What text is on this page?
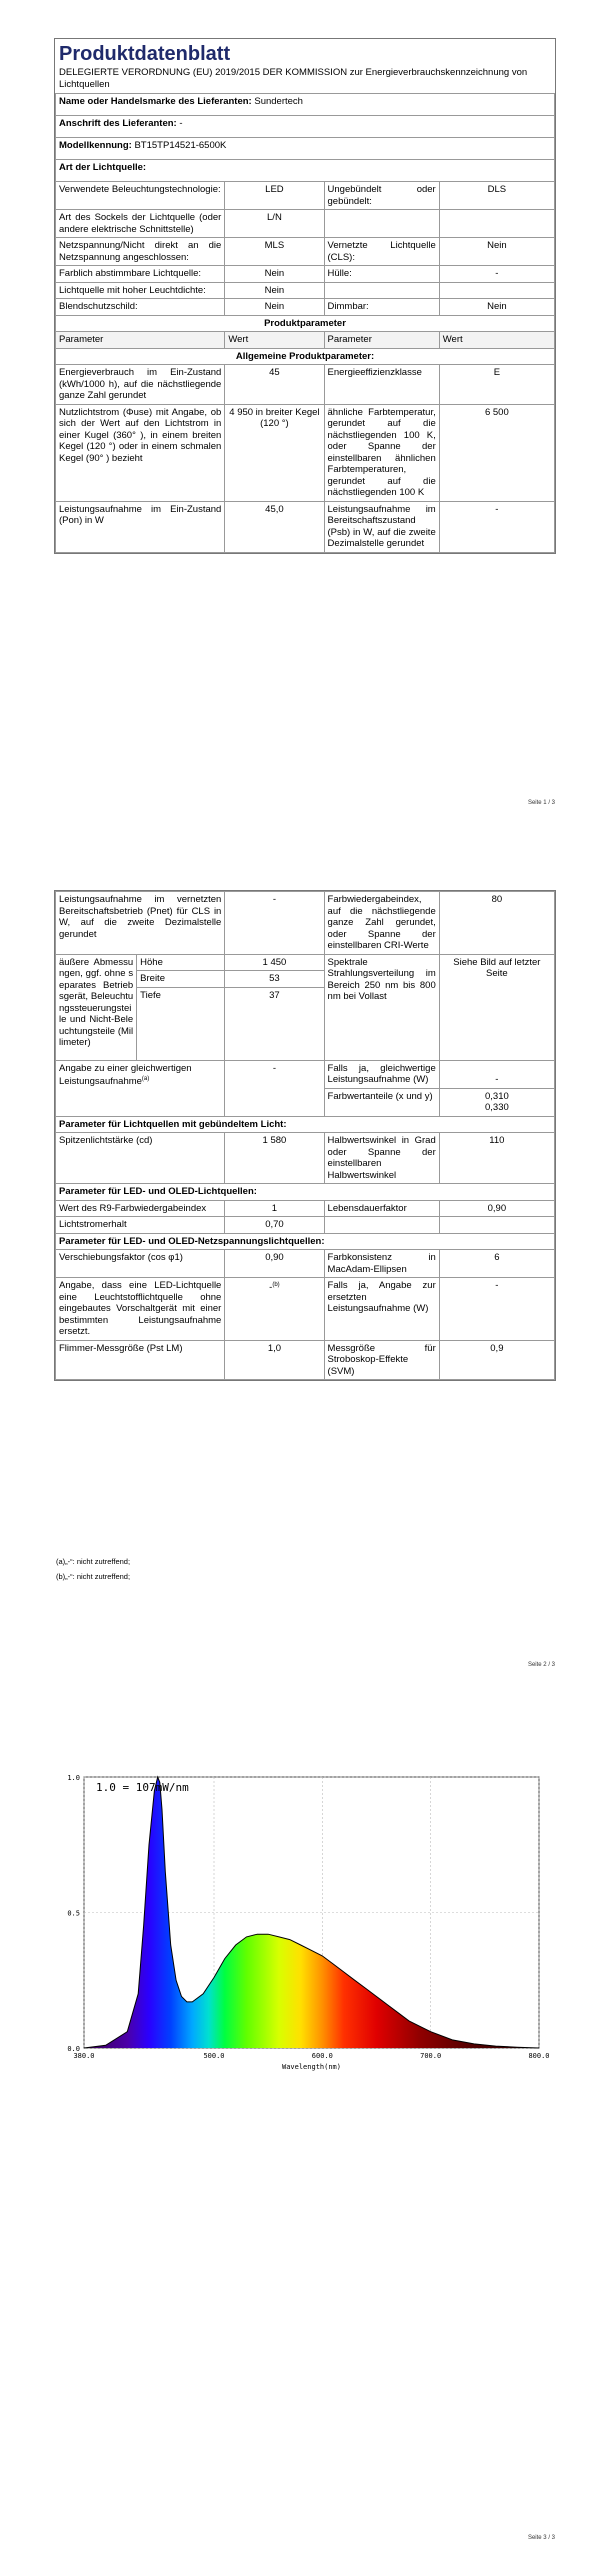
Produktdatenblatt
DELEGIERTE VERORDNUNG (EU) 2019/2015 DER KOMMISSION zur Energieverbrauchskennzeichnung von Lichtquellen
Name oder Handelsmarke des Lieferanten: Sundertech			
Anschrift des Lieferanten: -			
Modellkennung: BT15TP14521-6500K			
Art der Lichtquelle:			
Verwendete Beleuchtungstechnologie:	LED	Ungebündelt oder gebündelt:	DLS
Art des Sockels der Lichtquelle (oder andere elektrische Schnittstelle)	L/N		
Netzspannung/Nicht direkt an die Netzspannung angeschlossen:	MLS	Vernetzte Lichtquelle (CLS):	Nein
Farblich abstimmbare Lichtquelle:	Nein	Hülle:	-
Lichtquelle mit hoher Leuchtdichte:	Nein		
Blendschutzschild:	Nein	Dimmbar:	Nein
Produktparameter			
Parameter	Wert	Parameter	Wert
Allgemeine Produktparameter:			
Energieverbrauch im Ein-Zustand (kWh/1000 h), auf die nächstliegende ganze Zahl gerundet	45	Energieeffizienzklasse	E
Nutzlichtstrom (Φuse) mit Angabe, ob sich der Wert auf den Lichtstrom in einer Kugel (360° ), in einem breiten Kegel (120 °) oder in einem schmalen Kegel (90° ) bezieht	4 950 in breiter Kegel (120 °)	ähnliche Farbtemperatur, gerundet auf die nächstliegenden 100 K, oder Spanne der einstellbaren ähnlichen Farbtemperaturen, gerundet auf die nächstliegenden 100 K	6 500
Leistungsaufnahme im Ein-Zustand (Pon) in W	45,0	Leistungsaufnahme im Bereitschaftszustand (Psb) in W, auf die zweite Dezimalstelle gerundet	-
Seite 1 / 3
Leistungsaufnahme im vernetzten Bereitschaftsbetrieb (Pnet) für CLS in W, auf die zweite Dezimalstelle gerundet		-	Farbwiedergabeindex, auf die nächstliegende ganze Zahl gerundet, oder Spanne der einstellbaren CRI-Werte	80
äußere Abmessungen, ggf. ohne separates Betriebsgerät, Beleuchtungssteuerungsteile und Nicht-Beleuchtungsteile (Millimeter)	Höhe	1 450	Spektrale Strahlungsverteilung im Bereich 250 nm bis 800 nm bei Vollast	Siehe Bild auf letzter Seite
	Breite	53		
	Tiefe	37		
Angabe zu einer gleichwertigen Leistungsaufnahme$^{(a)}$		-	Falls ja, gleichwertige Leistungsaufnahme (W)	-
			Farbwertanteile (x und y)	0,310
0,330

Parameter für Lichtquellen mit gebündeltem Licht:				
Spitzenlichtstärke (cd)		1 580	Halbwertswinkel in Grad oder Spanne der einstellbaren Halbwertswinkel	110
Parameter für LED- und OLED-Lichtquellen:				
Wert des R9-Farbwiedergabeindex		1	Lebensdauerfaktor	0,90
Lichtstromerhalt		0,70		
Parameter für LED- und OLED-Netzspannungslichtquellen:				
Verschiebungsfaktor (cos φ1)		0,90	Farbkonsistenz in MacAdam-Ellipsen	6
Angabe, dass eine LED-Lichtquelle eine Leuchtstofflichtquelle ohne eingebautes Vorschaltgerät mit einer bestimmten Leistungsaufnahme ersetzt.		-$^{(b)}$	Falls ja, Angabe zur ersetzten Leistungsaufnahme (W)	-
Flimmer-Messgröße (Pst LM)		1,0	Messgröße für Stroboskop-Effekte (SVM)	0,9
(a)„-“: nicht zutreffend;
(b)„-“: nicht zutreffend;
Seite 2 / 3
Seite 3 / 3
380.0	500.0	600.0	700.0	800.0
0.0
0.5
1.0
1.0 = 107mW/nm
Wavelength(nm)
